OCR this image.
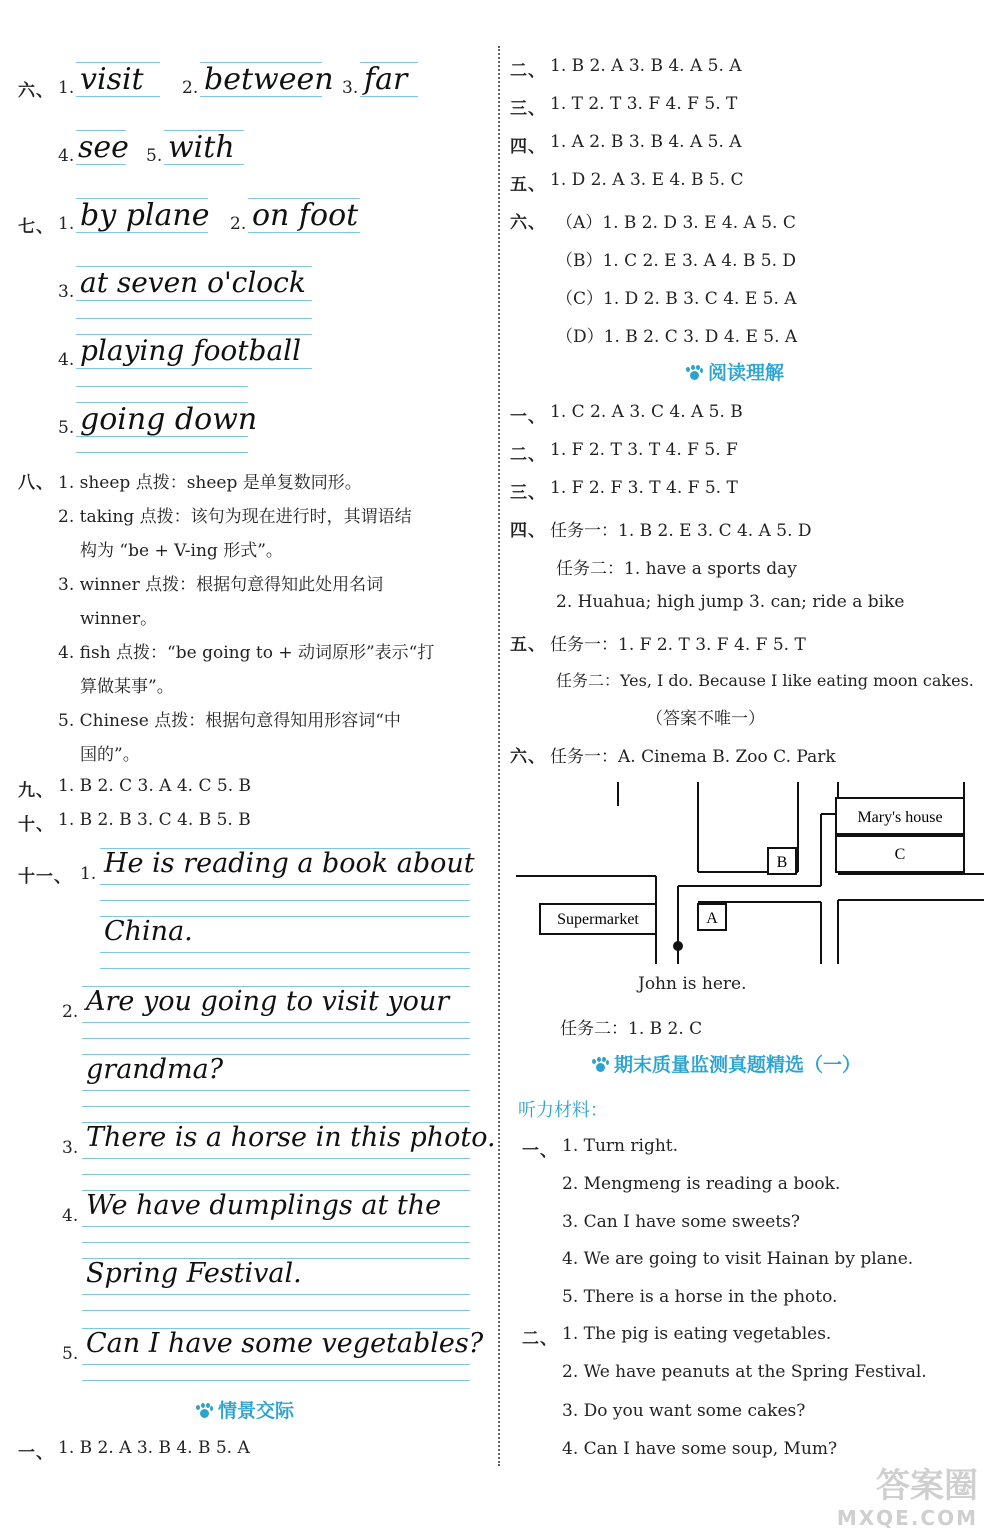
六、 1. visit 2. between 3. far
4. see 5. with
七、 1. by plane 2. on foot
3. at seven o'clock
4. playing football
5. going down
八、 1. sheep 点拨：sheep 是单复数同形。
2. taking 点拨：该句为现在进行时，其谓语结
构为 “be + V-ing 形式”。
3. winner 点拨：根据句意得知此处用名词
winner。
4. fish 点拨：“be going to + 动词原形”表示“打
算做某事”。
5. Chinese 点拨：根据句意得知用形容词“中
国的”。
九、 1. B 2. C 3. A 4. C 5. B
十、 1. B 2. B 3. C 4. B 5. B
十一、 1. He is reading a book about
China.
2. Are you going to visit your
grandma?
3. There is a horse in this photo.
4. We have dumplings at the
Spring Festival.
5. Can I have some vegetables?
情景交际
一、 1. B 2. A 3. B 4. B 5. A
二、 1. B 2. A 3. B 4. A 5. A
三、 1. T 2. T 3. F 4. F 5. T
四、 1. A 2. B 3. B 4. A 5. A
五、 1. D 2. A 3. E 4. B 5. C
六、 （A）1. B 2. D 3. E 4. A 5. C
（B）1. C 2. E 3. A 4. B 5. D
（C）1. D 2. B 3. C 4. E 5. A
（D）1. B 2. C 3. D 4. E 5. A
阅读理解
一、 1. C 2. A 3. C 4. A 5. B
二、 1. F 2. T 3. T 4. F 5. F
三、 1. F 2. F 3. T 4. F 5. T
四、 任务一：1. B 2. E 3. C 4. A 5. D
任务二：1. have a sports day
2. Huahua; high jump 3. can; ride a bike
五、 任务一：1. F 2. T 3. F 4. F 5. T
任务二：Yes, I do. Because I like eating moon cakes.
（答案不唯一）
六、 任务一：A. Cinema B. Zoo C. Park
Supermarket	A
B
Mary's house
C
John is here.
任务二：1. B 2. C
期末质量监测真题精选（一）
听力材料：
一、 1. Turn right.
2. Mengmeng is reading a book.
3. Can I have some sweets?
4. We are going to visit Hainan by plane.
5. There is a horse in the photo.
二、 1. The pig is eating vegetables.
2. We have peanuts at the Spring Festival.
3. Do you want some cakes?
4. Can I have some soup, Mum?
答案圈
MXQE.COM
